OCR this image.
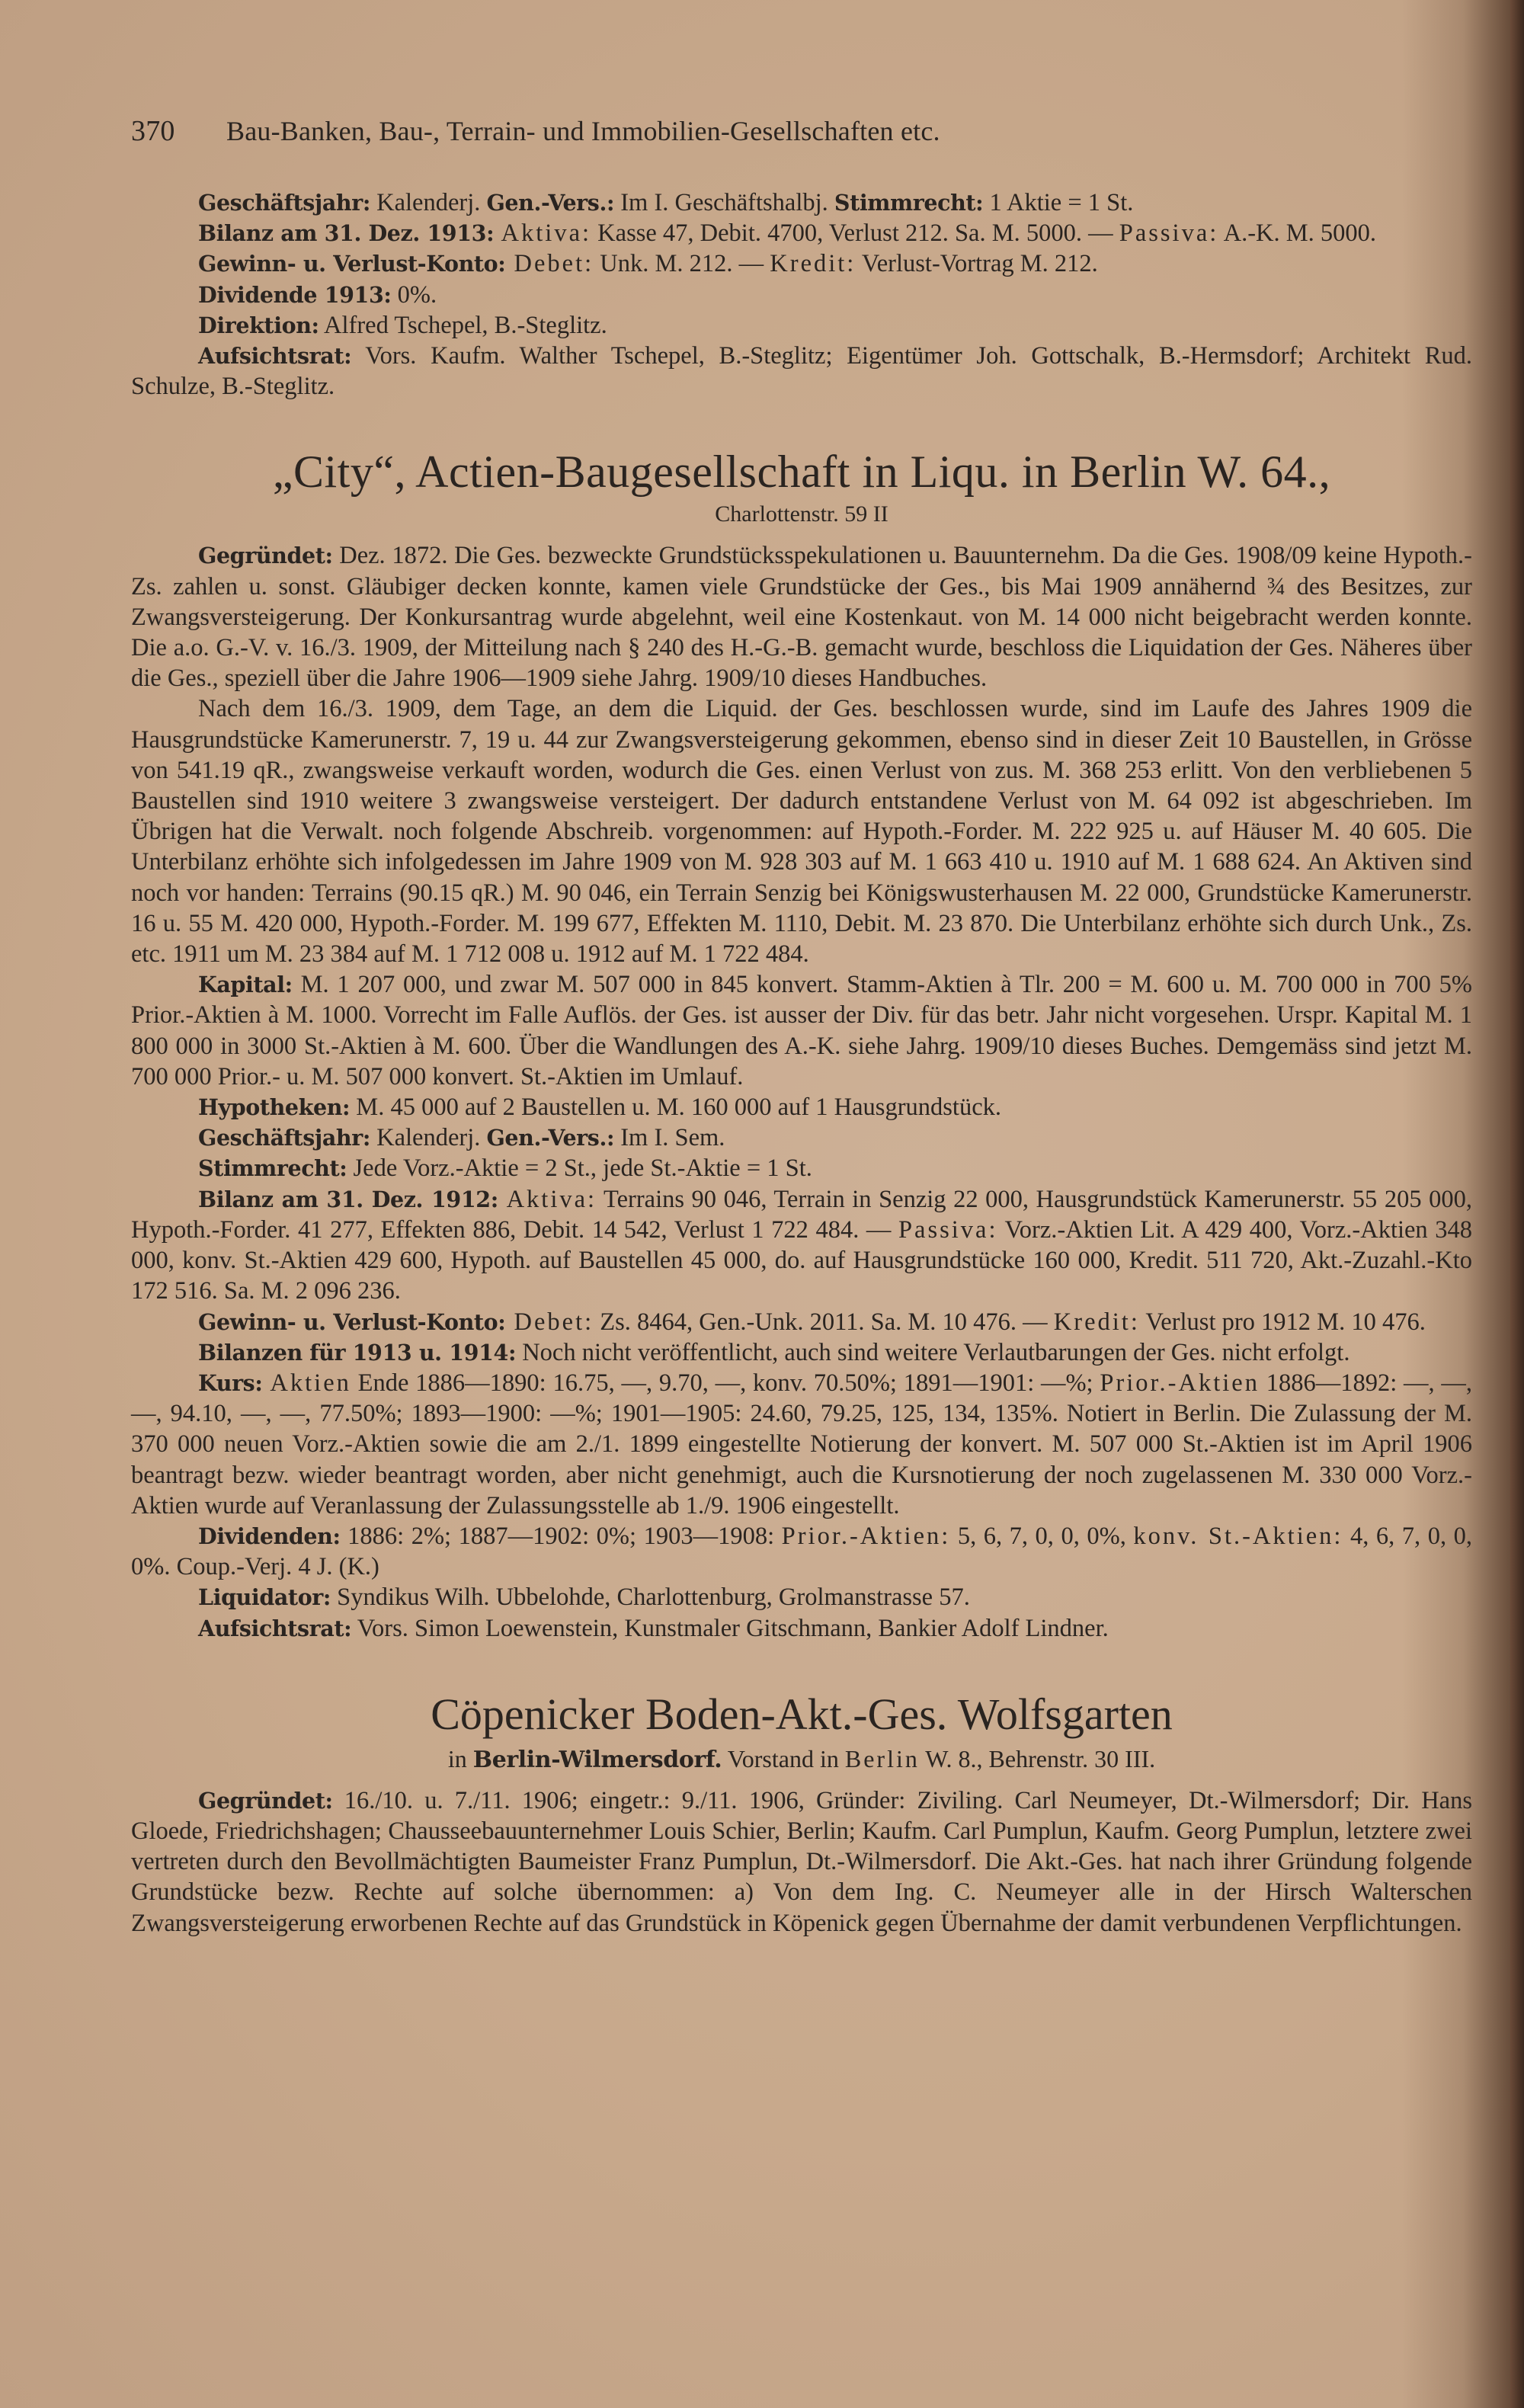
370	Bau-Banken, Bau-, Terrain- und Immobilien-Gesellschaften etc.

Geschäftsjahr: Kalenderj. Gen.-Vers.: Im I. Geschäftshalbj. Stimmrecht: 1 Aktie = 1 St.

Bilanz am 31. Dez. 1913: Aktiva: Kasse 47, Debit. 4700, Verlust 212. Sa. M. 5000. — Passiva: A.-K. M. 5000.

Gewinn- u. Verlust-Konto: Debet: Unk. M. 212. — Kredit: Verlust-Vortrag M. 212.

Dividende 1913: 0%.

Direktion: Alfred Tschepel, B.-Steglitz.

Aufsichtsrat: Vors. Kaufm. Walther Tschepel, B.-Steglitz; Eigentümer Joh. Gottschalk, B.-Hermsdorf; Architekt Rud. Schulze, B.-Steglitz.

„City“, Actien-Baugesellschaft in Liqu. in Berlin W. 64.,
Charlottenstr. 59 II

Gegründet: Dez. 1872. Die Ges. bezweckte Grundstücksspekulationen u. Bauunternehm. Da die Ges. 1908/09 keine Hypoth.-Zs. zahlen u. sonst. Gläubiger decken konnte, kamen viele Grundstücke der Ges., bis Mai 1909 annähernd ¾ des Besitzes, zur Zwangsversteigerung. Der Konkursantrag wurde abgelehnt, weil eine Kostenkaut. von M. 14 000 nicht beigebracht werden konnte. Die a.o. G.-V. v. 16./3. 1909, der Mitteilung nach § 240 des H.-G.-B. gemacht wurde, beschloss die Liquidation der Ges. Näheres über die Ges., speziell über die Jahre 1906—1909 siehe Jahrg. 1909/10 dieses Handbuches.

Nach dem 16./3. 1909, dem Tage, an dem die Liquid. der Ges. beschlossen wurde, sind im Laufe des Jahres 1909 die Hausgrundstücke Kamerunerstr. 7, 19 u. 44 zur Zwangsversteigerung gekommen, ebenso sind in dieser Zeit 10 Baustellen, in Grösse von 541.19 qR., zwangsweise verkauft worden, wodurch die Ges. einen Verlust von zus. M. 368 253 erlitt. Von den verbliebenen 5 Baustellen sind 1910 weitere 3 zwangsweise versteigert. Der dadurch entstandene Verlust von M. 64 092 ist abgeschrieben. Im Übrigen hat die Verwalt. noch folgende Abschreib. vorgenommen: auf Hypoth.-Forder. M. 222 925 u. auf Häuser M. 40 605. Die Unterbilanz erhöhte sich infolgedessen im Jahre 1909 von M. 928 303 auf M. 1 663 410 u. 1910 auf M. 1 688 624. An Aktiven sind noch vor handen: Terrains (90.15 qR.) M. 90 046, ein Terrain Senzig bei Königswusterhausen M. 22 000, Grundstücke Kamerunerstr. 16 u. 55 M. 420 000, Hypoth.-Forder. M. 199 677, Effekten M. 1110, Debit. M. 23 870. Die Unterbilanz erhöhte sich durch Unk., Zs. etc. 1911 um M. 23 384 auf M. 1 712 008 u. 1912 auf M. 1 722 484.

Kapital: M. 1 207 000, und zwar M. 507 000 in 845 konvert. Stamm-Aktien à Tlr. 200 = M. 600 u. M. 700 000 in 700 5% Prior.-Aktien à M. 1000. Vorrecht im Falle Auflös. der Ges. ist ausser der Div. für das betr. Jahr nicht vorgesehen. Urspr. Kapital M. 1 800 000 in 3000 St.-Aktien à M. 600. Über die Wandlungen des A.-K. siehe Jahrg. 1909/10 dieses Buches. Demgemäss sind jetzt M. 700 000 Prior.- u. M. 507 000 konvert. St.-Aktien im Umlauf.

Hypotheken: M. 45 000 auf 2 Baustellen u. M. 160 000 auf 1 Hausgrundstück.

Geschäftsjahr: Kalenderj. Gen.-Vers.: Im I. Sem.

Stimmrecht: Jede Vorz.-Aktie = 2 St., jede St.-Aktie = 1 St.

Bilanz am 31. Dez. 1912: Aktiva: Terrains 90 046, Terrain in Senzig 22 000, Hausgrundstück Kamerunerstr. 55 205 000, Hypoth.-Forder. 41 277, Effekten 886, Debit. 14 542, Verlust 1 722 484. — Passiva: Vorz.-Aktien Lit. A 429 400, Vorz.-Aktien 348 000, konv. St.-Aktien 429 600, Hypoth. auf Baustellen 45 000, do. auf Hausgrundstücke 160 000, Kredit. 511 720, Akt.-Zuzahl.-Kto 172 516. Sa. M. 2 096 236.

Gewinn- u. Verlust-Konto: Debet: Zs. 8464, Gen.-Unk. 2011. Sa. M. 10 476. — Kredit: Verlust pro 1912 M. 10 476.

Bilanzen für 1913 u. 1914: Noch nicht veröffentlicht, auch sind weitere Verlautbarungen der Ges. nicht erfolgt.

Kurs: Aktien Ende 1886—1890: 16.75, —, 9.70, —, konv. 70.50%; 1891—1901: —%; Prior.-Aktien 1886—1892: —, —, —, 94.10, —, —, 77.50%; 1893—1900: —%; 1901—1905: 24.60, 79.25, 125, 134, 135%. Notiert in Berlin. Die Zulassung der M. 370 000 neuen Vorz.-Aktien sowie die am 2./1. 1899 eingestellte Notierung der konvert. M. 507 000 St.-Aktien ist im April 1906 beantragt bezw. wieder beantragt worden, aber nicht genehmigt, auch die Kursnotierung der noch zugelassenen M. 330 000 Vorz.-Aktien wurde auf Veranlassung der Zulassungsstelle ab 1./9. 1906 eingestellt.

Dividenden: 1886: 2%; 1887—1902: 0%; 1903—1908: Prior.-Aktien: 5, 6, 7, 0, 0, 0%, konv. St.-Aktien: 4, 6, 7, 0, 0, 0%. Coup.-Verj. 4 J. (K.)

Liquidator: Syndikus Wilh. Ubbelohde, Charlottenburg, Grolmanstrasse 57.

Aufsichtsrat: Vors. Simon Loewenstein, Kunstmaler Gitschmann, Bankier Adolf Lindner.

Cöpenicker Boden-Akt.-Ges. Wolfsgarten
in Berlin-Wilmersdorf. Vorstand in Berlin W. 8., Behrenstr. 30 III.

Gegründet: 16./10. u. 7./11. 1906; eingetr.: 9./11. 1906, Gründer: Ziviling. Carl Neumeyer, Dt.-Wilmersdorf; Dir. Hans Gloede, Friedrichshagen; Chausseebauunternehmer Louis Schier, Berlin; Kaufm. Carl Pumplun, Kaufm. Georg Pumplun, letztere zwei vertreten durch den Bevollmächtigten Baumeister Franz Pumplun, Dt.-Wilmersdorf. Die Akt.-Ges. hat nach ihrer Gründung folgende Grundstücke bezw. Rechte auf solche übernommen: a) Von dem Ing. C. Neumeyer alle in der Hirsch Walterschen Zwangsversteigerung erworbenen Rechte auf das Grundstück in Köpenick gegen Übernahme der damit verbundenen Verpflichtungen.
